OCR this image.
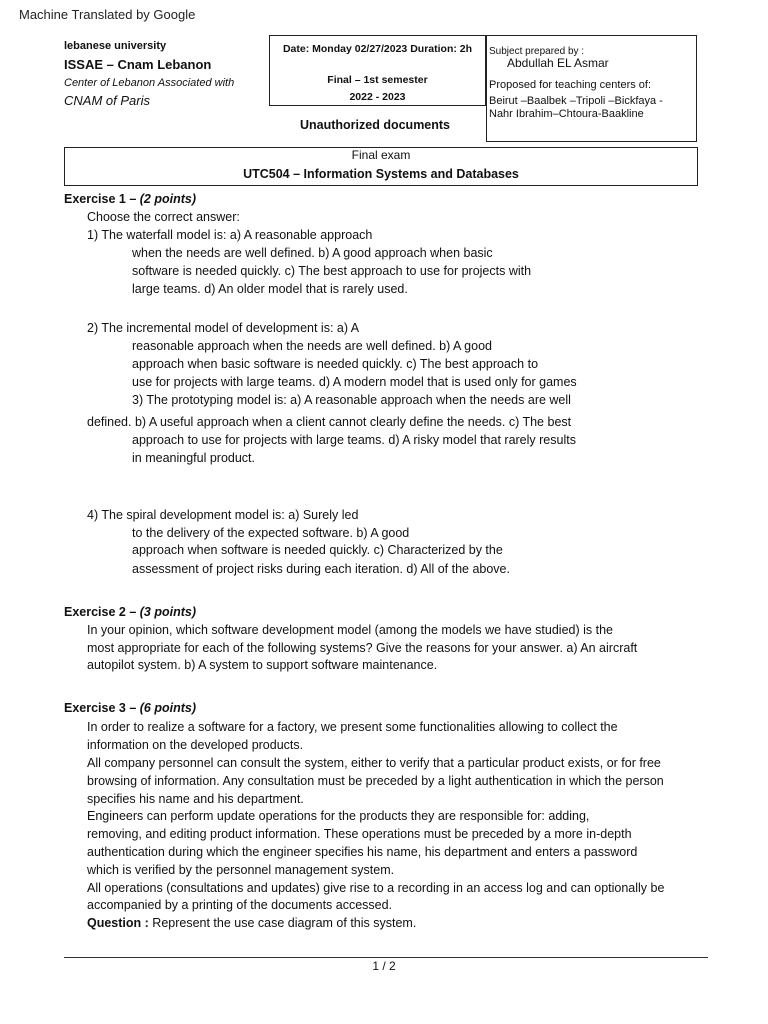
Machine Translated by Google
lebanese university
ISSAE – Cnam Lebanon
Center of Lebanon Associated with
CNAM of Paris
Date: Monday 02/27/2023 Duration: 2h
Final – 1st semester
2022 - 2023
Subject prepared by :
Abdullah EL Asmar
Proposed for teaching centers of:
Beirut –Baalbek –Tripoli –Bickfaya - Nahr Ibrahim–Chtoura-Baakline
Unauthorized documents
Final exam
UTC504 – Information Systems and Databases
Exercise 1 – (2 points)
Choose the correct answer:
1) The waterfall model is: a) A reasonable approach
when the needs are well defined. b) A good approach when basic
software is needed quickly. c) The best approach to use for projects with
large teams. d) An older model that is rarely used.
2) The incremental model of development is: a) A
reasonable approach when the needs are well defined. b) A good
approach when basic software is needed quickly. c) The best approach to
use for projects with large teams. d) A modern model that is used only for games
3) The prototyping model is: a) A reasonable approach when the needs are well
defined. b) A useful approach when a client cannot clearly define the needs. c) The best
approach to use for projects with large teams. d) A risky model that rarely results
in meaningful product.
4) The spiral development model is: a) Surely led
to the delivery of the expected software. b) A good
approach when software is needed quickly. c) Characterized by the
assessment of project risks during each iteration. d) All of the above.
Exercise 2 – (3 points)
In your opinion, which software development model (among the models we have studied) is the
most appropriate for each of the following systems? Give the reasons for your answer. a) An aircraft
autopilot system. b) A system to support software maintenance.
Exercise 3 – (6 points)
In order to realize a software for a factory, we present some functionalities allowing to collect the
information on the developed products.
All company personnel can consult the system, either to verify that a particular product exists, or for free
browsing of information. Any consultation must be preceded by a light authentication in which the person
specifies his name and his department.
Engineers can perform update operations for the products they are responsible for: adding,
removing, and editing product information. These operations must be preceded by a more in-depth
authentication during which the engineer specifies his name, his department and enters a password
which is verified by the personnel management system.
All operations (consultations and updates) give rise to a recording in an access log and can optionally be
accompanied by a printing of the documents accessed.
Question : Represent the use case diagram of this system.
1 / 2
